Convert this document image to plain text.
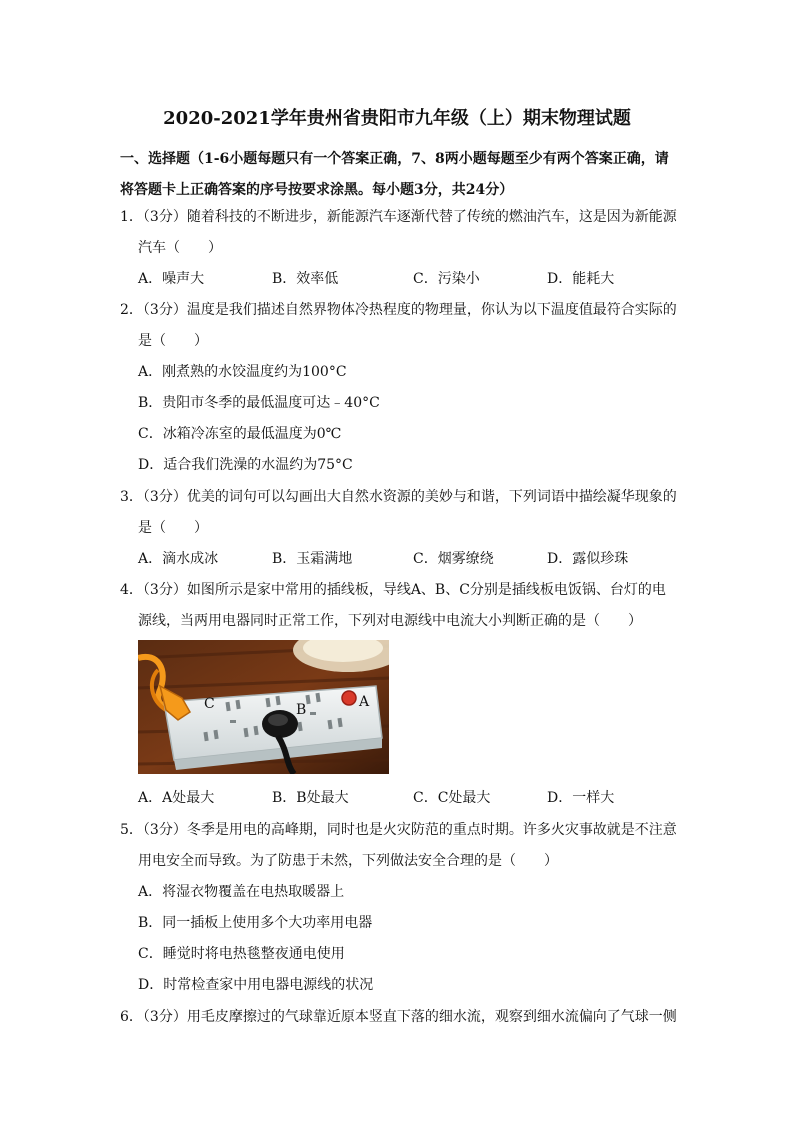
2020-2021学年贵州省贵阳市九年级（上）期末物理试题
一、选择题（1-6小题每题只有一个答案正确，7、8两小题每题至少有两个答案正确，请将答题卡上正确答案的序号按要求涂黑。每小题3分，共24分）
1．（3分）随着科技的不断进步，新能源汽车逐渐代替了传统的燃油汽车，这是因为新能源
汽车（　　）
A．噪声大	B．效率低	C．污染小	D．能耗大
2．（3分）温度是我们描述自然界物体冷热程度的物理量，你认为以下温度值最符合实际的
是（　　）
A．刚煮熟的水饺温度约为100°C
B．贵阳市冬季的最低温度可达﹣40°C
C．冰箱冷冻室的最低温度为0℃
D．适合我们洗澡的水温约为75°C
3．（3分）优美的词句可以勾画出大自然水资源的美妙与和谐，下列词语中描绘凝华现象的
是（　　）
A．滴水成冰	B．玉霜满地	C．烟雾缭绕	D．露似珍珠
4．（3分）如图所示是家中常用的插线板，导线A、B、C分别是插线板电饭锅、台灯的电
源线，当两用电器同时正常工作，下列对电源线中电流大小判断正确的是（　　）
A
B
C
A．A处最大	B．B处最大	C．C处最大	D．一样大
5．（3分）冬季是用电的高峰期，同时也是火灾防范的重点时期。许多火灾事故就是不注意
用电安全而导致。为了防患于未然，下列做法安全合理的是（　　）
A．将湿衣物覆盖在电热取暖器上
B．同一插板上使用多个大功率用电器
C．睡觉时将电热毯整夜通电使用
D．时常检查家中用电器电源线的状况
6．（3分）用毛皮摩擦过的气球靠近原本竖直下落的细水流，观察到细水流偏向了气球一侧
